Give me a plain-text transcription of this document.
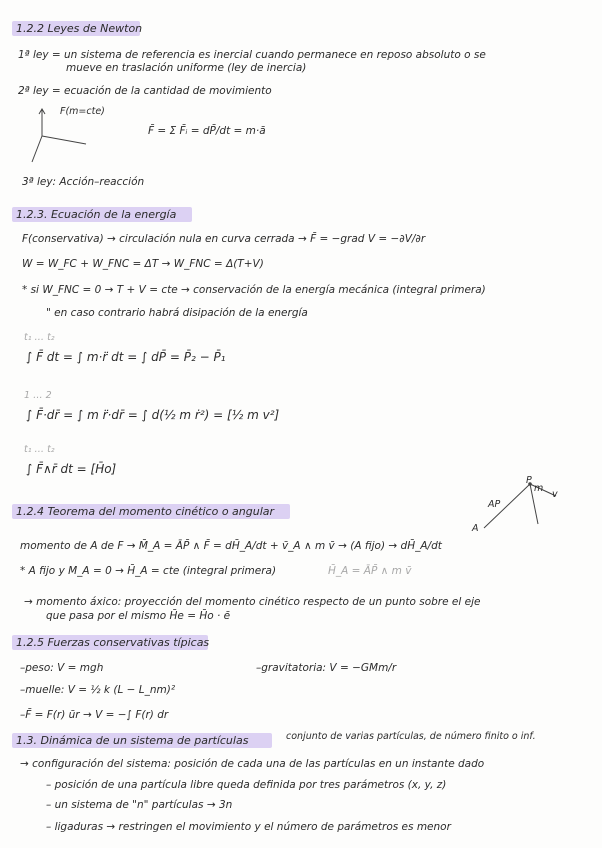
1.2.2 Leyes de Newton
1ª ley = un sistema de referencia es inercial cuando permanece en reposo absoluto o se
mueve en traslación uniforme (ley de inercia)
2ª ley = ecuación de la cantidad de movimiento
F(m=cte)
F̄ = Σ F̄ᵢ = dP̄/dt = m·ā
3ª ley: Acción–reacción
1.2.3. Ecuación de la energía
F(conservativa) → circulación nula en curva cerrada → F̄ = −grad V = −∂V/∂r
W = W_FC + W_FNC = ΔT → W_FNC = Δ(T+V)
* si W_FNC = 0 → T + V = cte → conservación de la energía mecánica (integral primera)
" en caso contrario habrá disipación de la energía
∫ F̄ dt = ∫ m·r̈ dt = ∫ dP̄ = P̄₂ − P̄₁
t₁ … t₂
∫ F̄·dr̄ = ∫ m r̈·dr̄ = ∫ d(½ m ṙ²) = [½ m v²]
1 … 2
∫ F̄∧r̄ dt = [H̄o]
t₁ … t₂
1.2.4 Teorema del momento cinético o angular
AP
P
m
v
A
momento de A de F → M̄_A = ĀP̄ ∧ F̄ = dH̄_A/dt + v̄_A ∧ m v̄ → (A fijo) → dH̄_A/dt
* A fijo y M_A = 0 → H̄_A = cte (integral primera)	H̄_A = ĀP̄ ∧ m v̄
→ momento áxico: proyección del momento cinético respecto de un punto sobre el eje
que pasa por el mismo H̄e = H̄o · ē
1.2.5 Fuerzas conservativas típicas
–peso: V = mgh	–gravitatoria: V = −GMm/r
–muelle: V = ½ k (L − L_nm)²
–F̄ = F(r) ūr → V = −∫ F(r) dr
1.3. Dinámica de un sistema de partículas	conjunto de varias partículas, de número finito o inf.
→ configuración del sistema: posición de cada una de las partículas en un instante dado
– posición de una partícula libre queda definida por tres parámetros (x, y, z)
– un sistema de "n" partículas → 3n
– ligaduras → restringen el movimiento y el número de parámetros es menor
